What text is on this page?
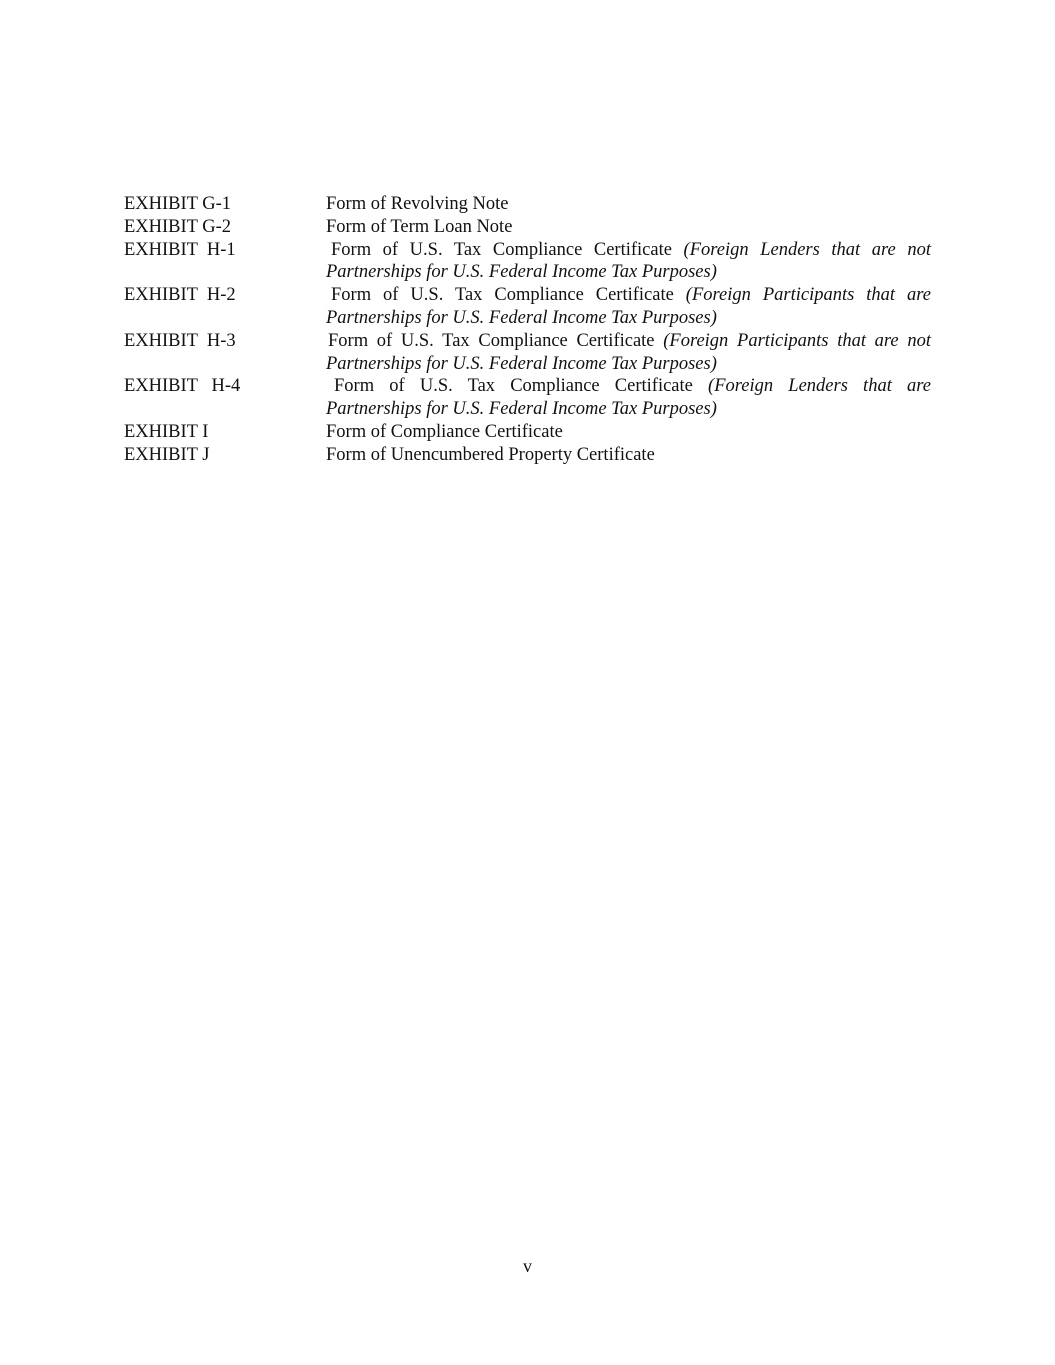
EXHIBIT G-1	Form of Revolving Note
EXHIBIT G-2	Form of Term Loan Note
EXHIBIT  H-1	Form of U.S. Tax Compliance Certificate (Foreign Lenders that are not Partnerships for U.S. Federal Income Tax Purposes)
EXHIBIT  H-2	Form of U.S. Tax Compliance Certificate (Foreign Participants that are Partnerships for U.S. Federal Income Tax Purposes)
EXHIBIT  H-3	Form of U.S. Tax Compliance Certificate (Foreign Participants that are not Partnerships for U.S. Federal Income Tax Purposes)
EXHIBIT   H-4	Form of U.S. Tax Compliance Certificate (Foreign Lenders that are Partnerships for U.S. Federal Income Tax Purposes)
EXHIBIT I	Form of Compliance Certificate
EXHIBIT J	Form of Unencumbered Property Certificate
v
